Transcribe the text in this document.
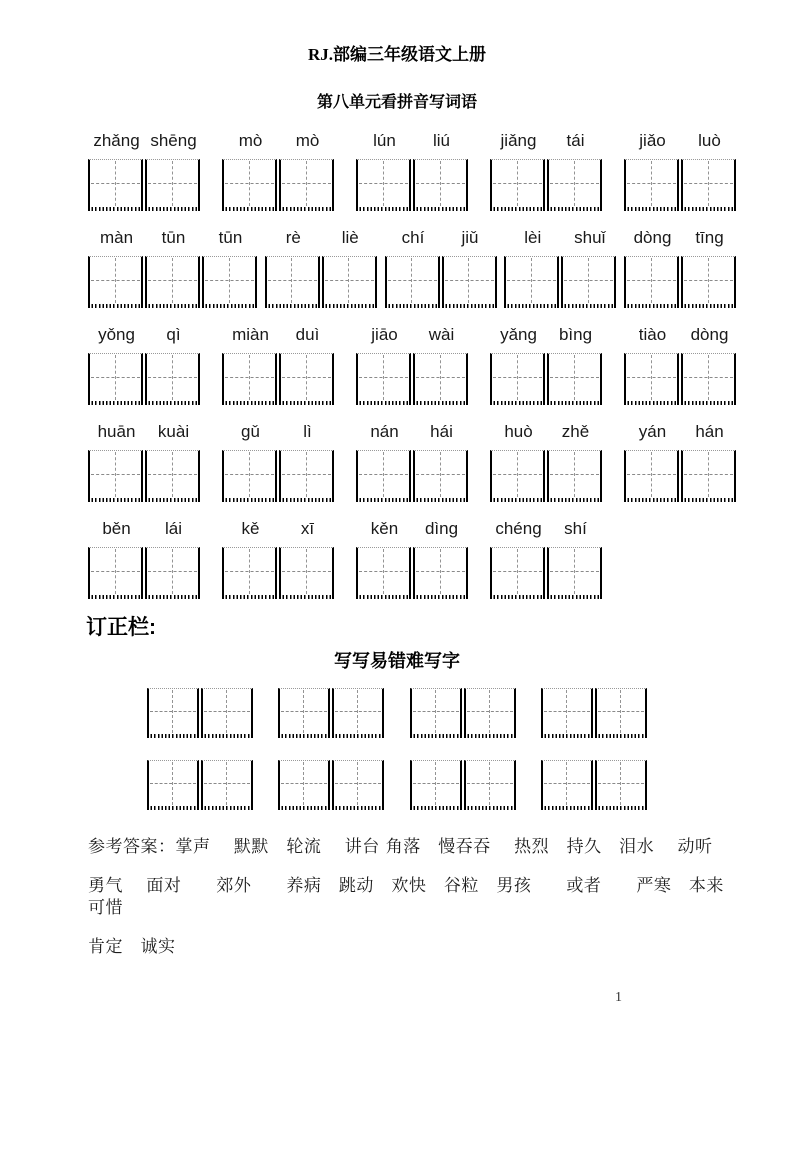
RJ.部编三年级语文上册
第八单元看拼音写词语
zhǎng shēng	mò	mò	lún	liú	jiǎng	tái	jiǎo	luò
màn	tūn	tūn	rè	liè	chí	jiǔ	lèi	shuǐ	dòng	tīng
yǒng	qì	miàn	duì	jiāo	wài	yǎng	bìng	tiào	dòng
huān	kuài	gǔ	lì	nán	hái	huò	zhě	yán	hán
běn	lái	kě	xī	kěn	dìng	chéng	shí
订正栏:
写写易错难写字

参考答案：掌声　 默默　轮流　 讲台 角落　慢吞吞　 热烈　持久　泪水　 动听

勇气　 面对　　郊外　　养病　跳动　欢快　谷粒　男孩　　或者　　严寒　本来　可惜

肯定　诚实

1
